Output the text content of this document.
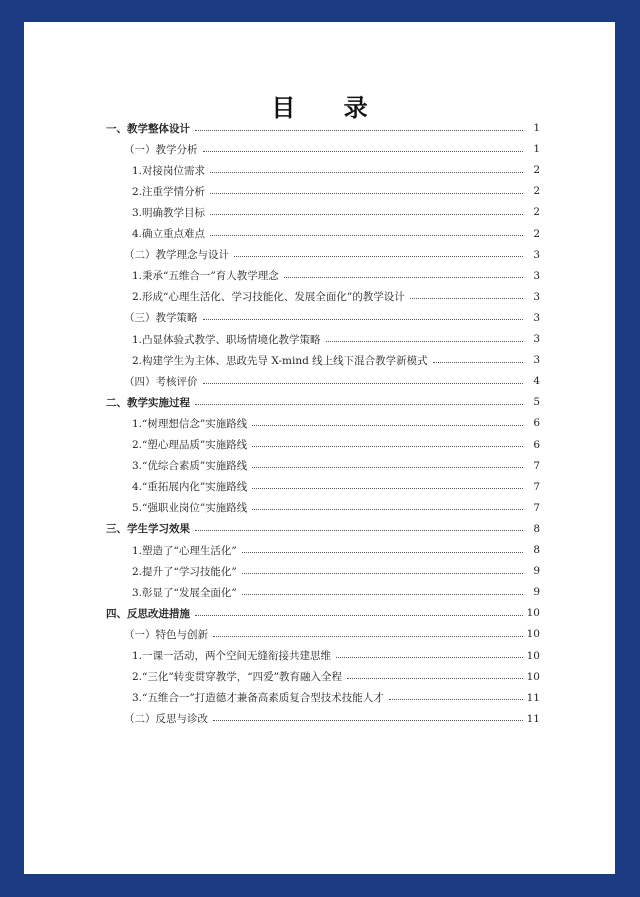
目 录
一、教学整体设计	1
（一）教学分析	1
1.对接岗位需求	2
2.注重学情分析	2
3.明确教学目标	2
4.确立重点难点	2
（二）教学理念与设计	3
1.秉承“五维合一”育人教学理念	3
2.形成“心理生活化、学习技能化、发展全面化”的教学设计	3
（三）教学策略	3
1.凸显体验式教学、职场情境化教学策略	3
2.构建学生为主体、思政先导 X-mind 线上线下混合教学新模式	3
（四）考核评价	4
二、教学实施过程	5
1.“树理想信念”实施路线	6
2.“塑心理品质”实施路线	6
3.“优综合素质”实施路线	7
4.“重拓展内化”实施路线	7
5.“强职业岗位”实施路线	7
三、学生学习效果	8
1.塑造了“心理生活化”	8
2.提升了“学习技能化”	9
3.彰显了“发展全面化”	9
四、反思改进措施	10
（一）特色与创新	10
1.一课一活动，两个空间无缝衔接共建思维	10
2.“三化”转变贯穿教学，“四爱”教育融入全程	10
3.“五维合一”打造德才兼备高素质复合型技术技能人才	11
（二）反思与诊改	11
